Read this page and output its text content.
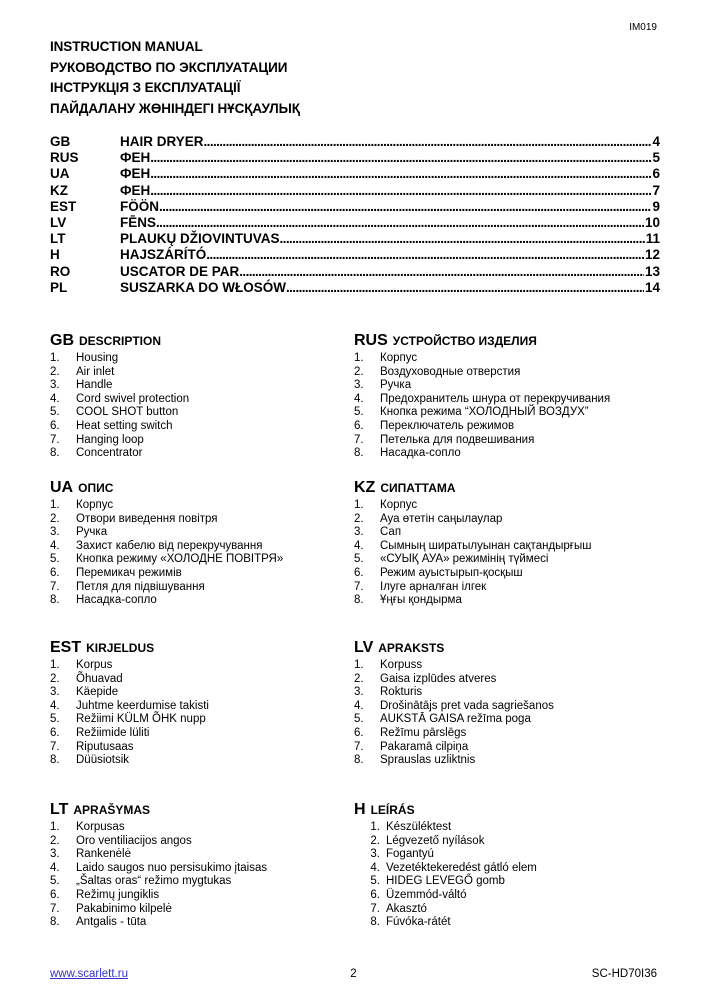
IM019
INSTRUCTION MANUAL
РУКОВОДСТВО ПО ЭКСПЛУАТАЦИИ
ІНСТРУКЦІЯ З ЕКСПЛУАТАЦІЇ
ПАЙДАЛАНУ ЖӨНІНДЕГІ НҰСҚАУЛЫҚ
GB	HAIR DRYER .....	4
RUS	ФЕН .....	5
UA	ФЕН .....	6
KZ	ФЕН .....	7
EST	FÖÖN .....	9
LV	FĒNS .....	10
LT	PLAUKŲ DŽIOVINTUVAS .....	11
H	HAJSZÁRÍTÓ .....	12
RO	USCATOR DE PAR .....	13
PL	SUSZARKA DO WŁOSÓW .....	14
GB DESCRIPTION
1.	Housing
2.	Air inlet
3.	Handle
4.	Cord swivel protection
5.	COOL SHOT button
6.	Heat setting switch
7.	Hanging loop
8.	Concentrator
RUS УСТРОЙСТВО ИЗДЕЛИЯ
1.	Корпус
2.	Воздуховодные отверстия
3.	Ручка
4.	Предохранитель шнура от перекручивания
5.	Кнопка режима “ХОЛОДНЫЙ ВОЗДУХ”
6.	Переключатель режимов
7.	Петелька для подвешивания
8.	Насадка-сопло
UA ОПИС
1.	Корпус
2.	Отвори виведення повітря
3.	Ручка
4.	Захист кабелю від перекручування
5.	Кнопка режиму «ХОЛОДНЕ ПОВІТРЯ»
6.	Перемикач режимів
7.	Петля для підвішування
8.	Насадка-сопло
KZ СИПАТТАМА
1.	Корпус
2.	Ауа өтетін саңылаулар
3.	Сап
4.	Сымның ширатылуынан сақтандырғыш
5.	«СУЫҚ АУА» режимінің түймесі
6.	Режим ауыстырып-қосқыш
7.	Ілуге арналған ілгек
8.	Ұңғы қондырма
EST KIRJELDUS
1.	Korpus
2.	Õhuavad
3.	Käepide
4.	Juhtme keerdumise takisti
5.	Režiimi KÜLM ÕHK nupp
6.	Režiimide lüliti
7.	Riputusaas
8.	Düüsiotsik
LV APRAKSTS
1.	Korpuss
2.	Gaisa izplūdes atveres
3.	Rokturis
4.	Drošinātājs pret vada sagriešanos
5.	AUKSTĀ GAISA režīma poga
6.	Režīmu pārslēgs
7.	Pakaramā cilpiņa
8.	Sprauslas uzliktnis
LT APRAŠYMAS
1.	Korpusas
2.	Oro ventiliacijos angos
3.	Rankenėlė
4.	Laido saugos nuo persisukimo įtaisas
5.	„Šaltas oras“ režimo mygtukas
6.	Režimų jungiklis
7.	Pakabinimo kilpelė
8.	Antgalis - tūta
H LEÍRÁS
1. Készüléktest
2. Légvezető nyílások
3. Fogantyú
4. Vezetéktekeredést gátló elem
5. HIDEG LEVEGŐ gomb
6. Üzemmód-váltó
7. Akasztó
8. Fúvóka-rátét
www.scarlett.ru	2	SC-HD70I36
